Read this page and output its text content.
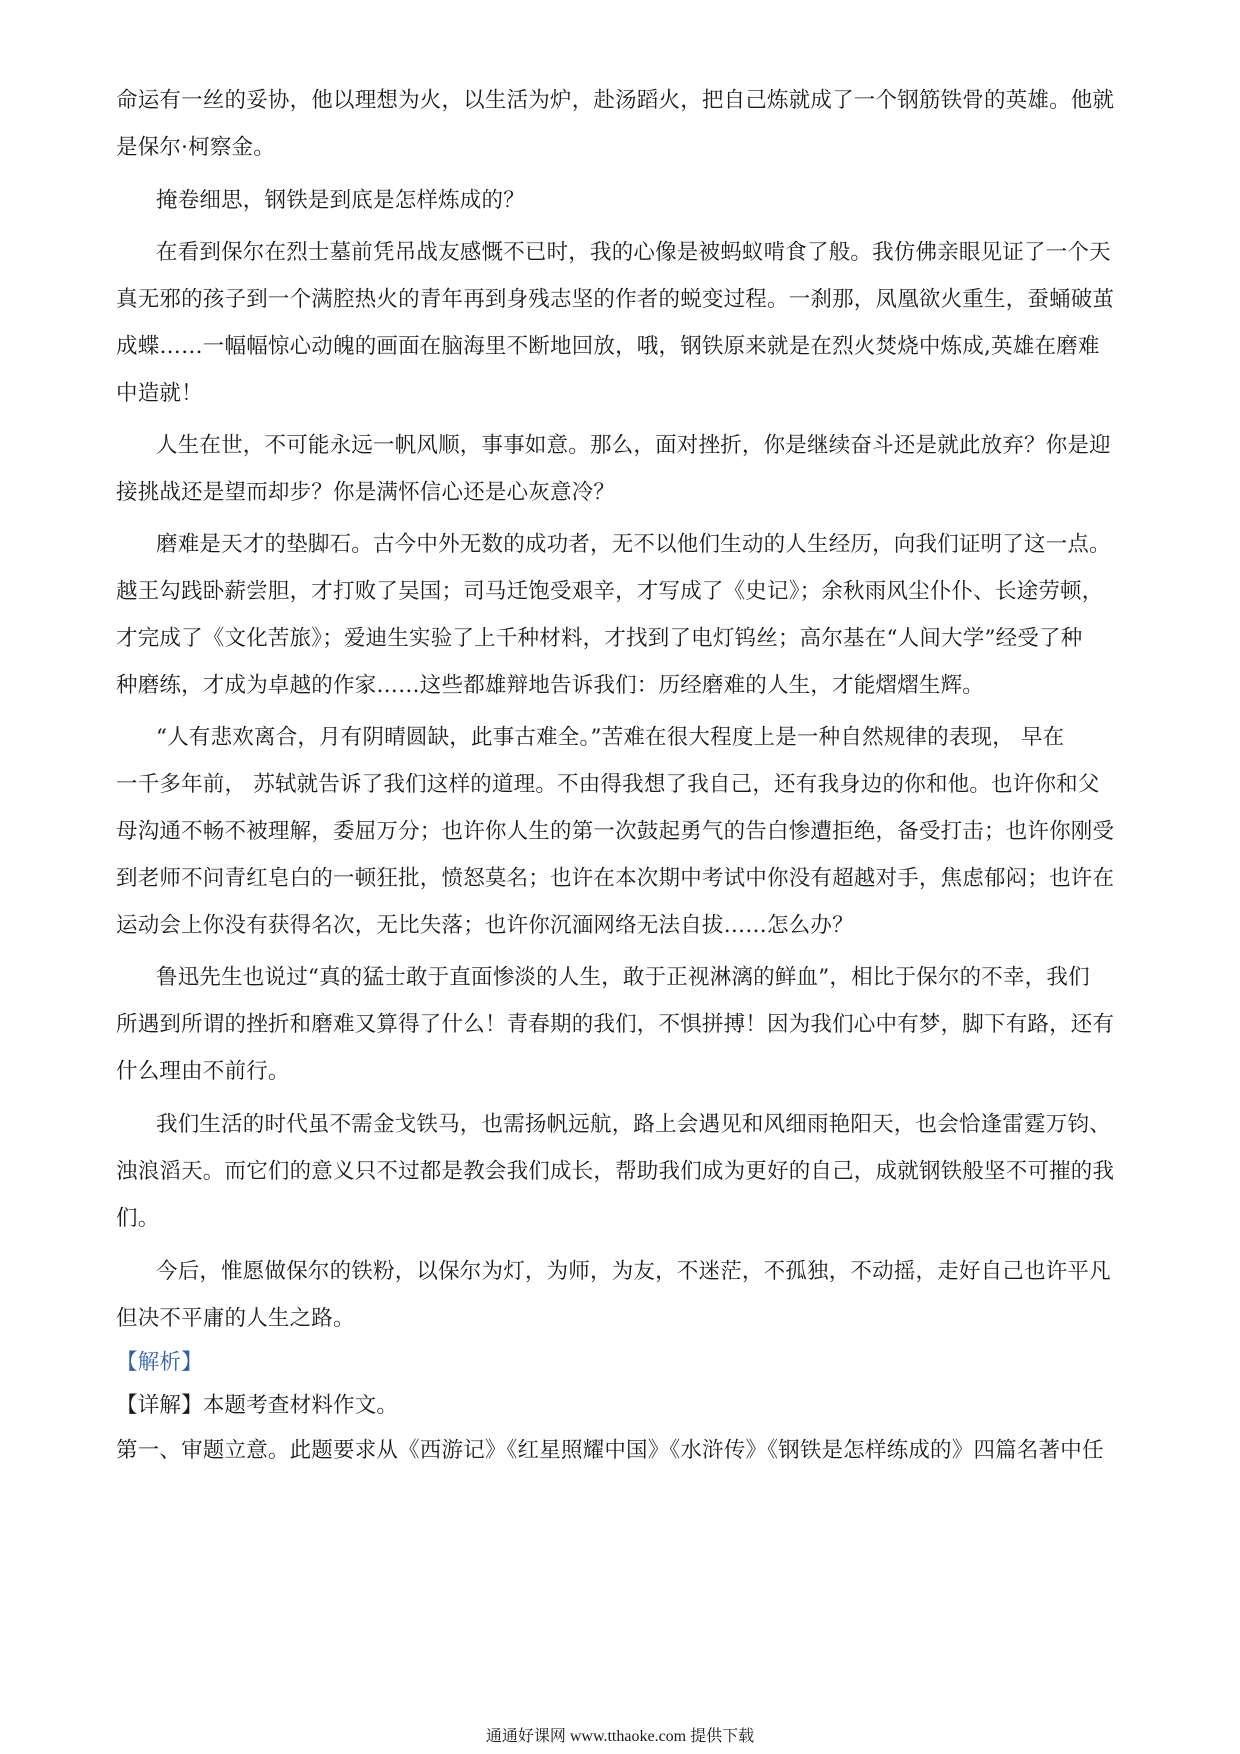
命运有一丝的妥协，他以理想为火，以生活为炉，赴汤蹈火，把自己炼就成了一个钢筋铁骨的英雄。他就
是保尔·柯察金。
掩卷细思，钢铁是到底是怎样炼成的？
在看到保尔在烈士墓前凭吊战友感慨不已时，我的心像是被蚂蚁啃食了般。我仿佛亲眼见证了一个天
真无邪的孩子到一个满腔热火的青年再到身残志坚的作者的蜕变过程。一刹那，凤凰欲火重生，蚕蛹破茧
成蝶……一幅幅惊心动魄的画面在脑海里不断地回放，哦，钢铁原来就是在烈火焚烧中炼成,英雄在磨难
中造就！
人生在世，不可能永远一帆风顺，事事如意。那么，面对挫折，你是继续奋斗还是就此放弃？你是迎
接挑战还是望而却步？你是满怀信心还是心灰意冷？
磨难是天才的垫脚石。古今中外无数的成功者，无不以他们生动的人生经历，向我们证明了这一点。
越王勾践卧薪尝胆，才打败了吴国；司马迁饱受艰辛，才写成了《史记》；余秋雨风尘仆仆、长途劳顿，
才完成了《文化苦旅》；爱迪生实验了上千种材料，才找到了电灯钨丝；高尔基在“人间大学”经受了种
种磨练，才成为卓越的作家……这些都雄辩地告诉我们：历经磨难的人生，才能熠熠生辉。
“人有悲欢离合，月有阴晴圆缺，此事古难全。”苦难在很大程度上是一种自然规律的表现， 早在
一千多年前， 苏轼就告诉了我们这样的道理。不由得我想了我自己，还有我身边的你和他。也许你和父
母沟通不畅不被理解，委屈万分；也许你人生的第一次鼓起勇气的告白惨遭拒绝，备受打击；也许你刚受
到老师不问青红皂白的一顿狂批，愤怒莫名；也许在本次期中考试中你没有超越对手，焦虑郁闷；也许在
运动会上你没有获得名次，无比失落；也许你沉湎网络无法自拔……怎么办？
鲁迅先生也说过“真的猛士敢于直面惨淡的人生，敢于正视淋漓的鲜血”，相比于保尔的不幸，我们
所遇到所谓的挫折和磨难又算得了什么！青春期的我们，不惧拼搏！因为我们心中有梦，脚下有路，还有
什么理由不前行。
我们生活的时代虽不需金戈铁马，也需扬帆远航，路上会遇见和风细雨艳阳天，也会恰逢雷霆万钧、
浊浪滔天。而它们的意义只不过都是教会我们成长，帮助我们成为更好的自己，成就钢铁般坚不可摧的我
们。
今后，惟愿做保尔的铁粉，以保尔为灯，为师，为友，不迷茫，不孤独，不动摇，走好自己也许平凡
但决不平庸的人生之路。
【解析】
【详解】本题考查材料作文。
第一、审题立意。此题要求从《西游记》《红星照耀中国》《水浒传》《钢铁是怎样练成的》四篇名著中任
通通好课网 www.tthaoke.com 提供下载
